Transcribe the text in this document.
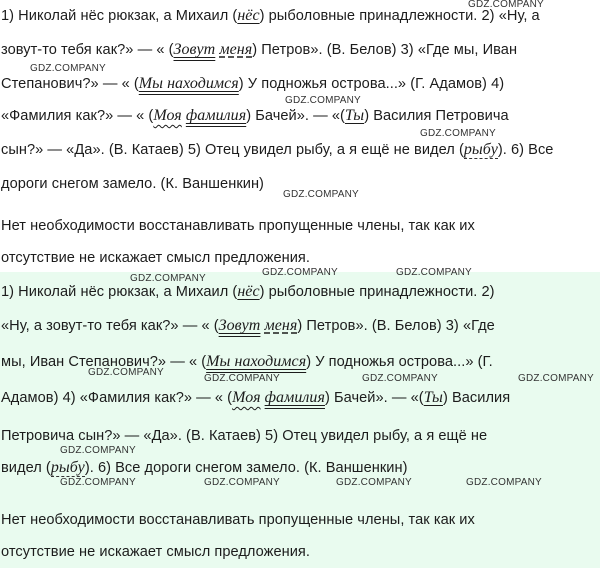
1) Николай нёс рюкзак, а Михаил (нёс) рыболовные принадлежности. 2) «Ну, а
зовут-то тебя как?» — « (Зовут меня) Петров». (В. Белов) 3) «Где мы, Иван
Степанович?» — « (Мы находимся) У подножья острова...» (Г. Адамов) 4)
«Фамилия как?» — « (Моя фамилия) Бачей». — «(Ты) Василия Петровича
сын?» — «Да». (В. Катаев) 5) Отец увидел рыбу, а я ещё не видел (рыбу). 6) Все
дороги снегом замело. (К. Ваншенкин)
Нет необходимости восстанавливать пропущенные члены, так как их
отсутствие не искажает смысл предложения.
GDZ.COMPANY
GDZ.COMPANY
GDZ.COMPANY
GDZ.COMPANY
GDZ.COMPANY
1) Николай нёс рюкзак, а Михаил (нёс) рыболовные принадлежности. 2)
«Ну, а зовут-то тебя как?» — « (Зовут меня) Петров». (В. Белов) 3) «Где
мы, Иван Степанович?» — « (Мы находимся) У подножья острова...» (Г.
Адамов) 4) «Фамилия как?» — « (Моя фамилия) Бачей». — «(Ты) Василия
Петровича сын?» — «Да». (В. Катаев) 5) Отец увидел рыбу, а я ещё не
видел (рыбу). 6) Все дороги снегом замело. (К. Ваншенкин)
Нет необходимости восстанавливать пропущенные члены, так как их
отсутствие не искажает смысл предложения.
GDZ.COMPANY
GDZ.COMPANY	GDZ.COMPANY
GDZ.COMPANY
GDZ.COMPANY	GDZ.COMPANY	GDZ.COMPANY
GDZ.COMPANY
GDZ.COMPANY	GDZ.COMPANY	GDZ.COMPANY	GDZ.COMPANY
